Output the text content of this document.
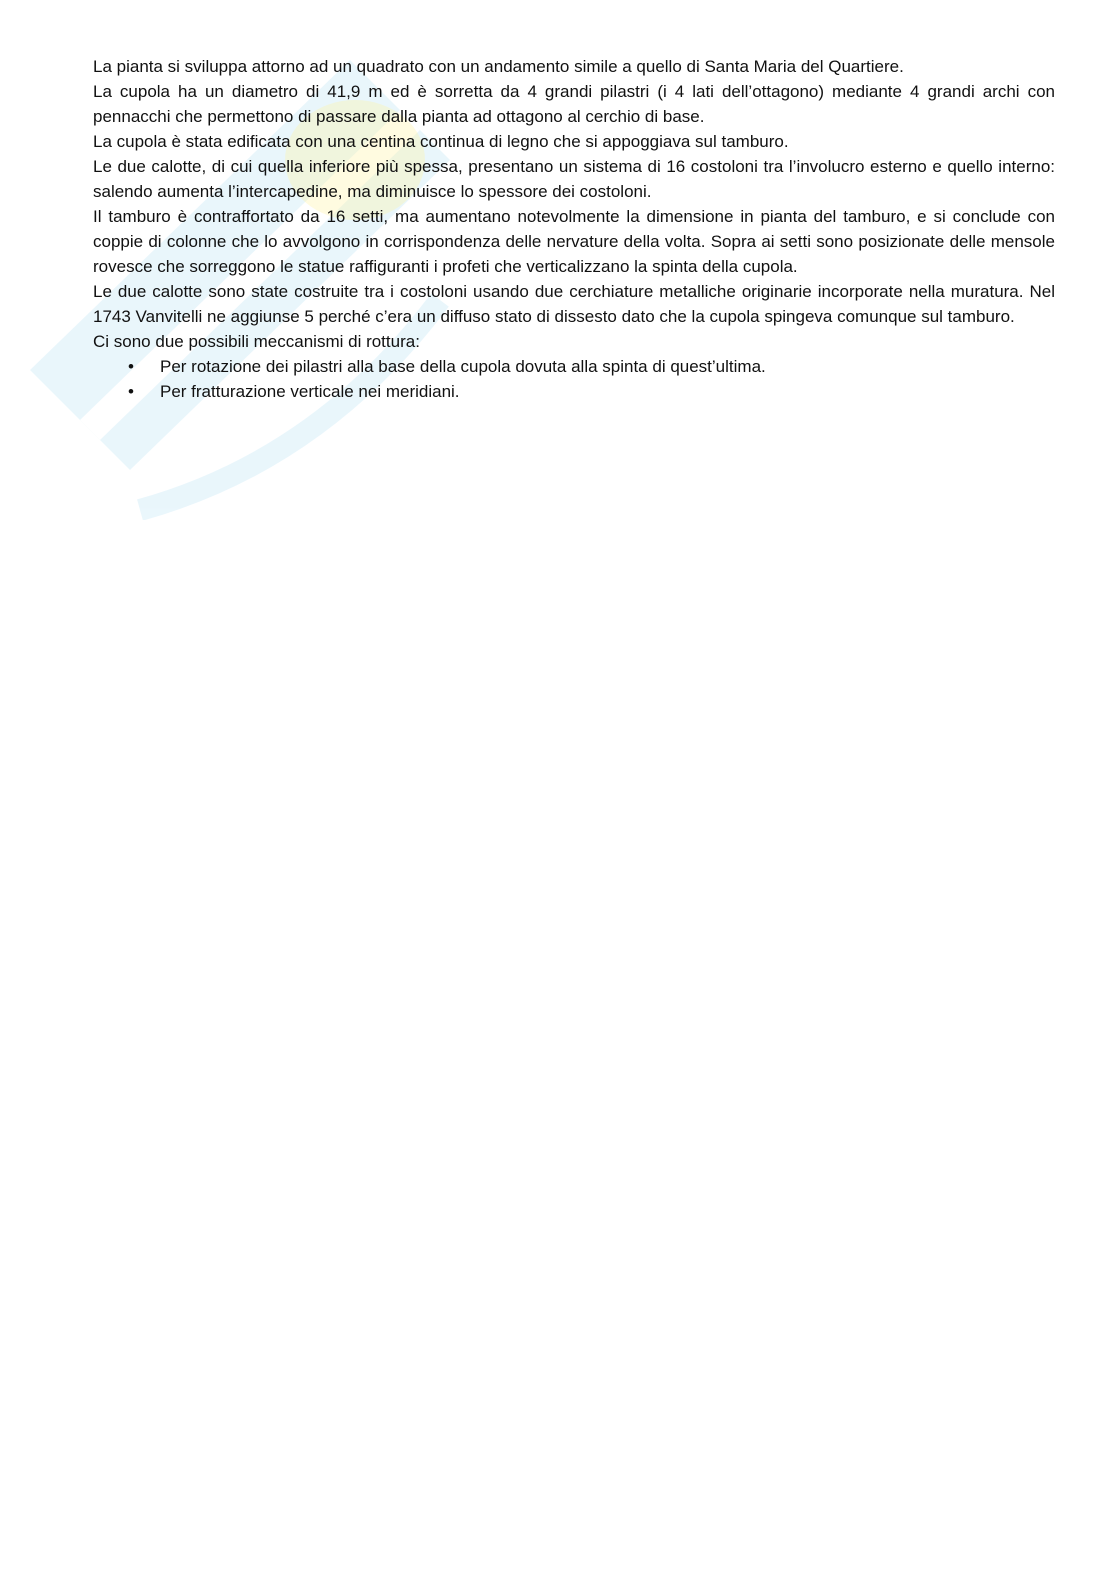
La pianta si sviluppa attorno ad un quadrato con un andamento simile a quello di Santa Maria del Quartiere.

La cupola ha un diametro di 41,9 m ed è sorretta da 4 grandi pilastri (i 4 lati dell’ottagono) mediante 4 grandi archi con pennacchi che permettono di passare dalla pianta ad ottagono al cerchio di base.

La cupola è stata edificata con una centina continua di legno che si appoggiava sul tamburo.

Le due calotte, di cui quella inferiore più spessa, presentano un sistema di 16 costoloni tra l’involucro esterno e quello interno: salendo aumenta l’intercapedine, ma diminuisce lo spessore dei costoloni.

Il tamburo è contraffortato da 16 setti, ma aumentano notevolmente la dimensione in pianta del tamburo, e si conclude con coppie di colonne che lo avvolgono in corrispondenza delle nervature della volta. Sopra ai setti sono posizionate delle mensole rovesce che sorreggono le statue raffiguranti i profeti che verticalizzano la spinta della cupola.

Le due calotte sono state costruite tra i costoloni usando due cerchiature metalliche originarie incorporate nella muratura. Nel 1743 Vanvitelli ne aggiunse 5 perché c’era un diffuso stato di dissesto dato che la cupola spingeva comunque sul tamburo.

Ci sono due possibili meccanismi di rottura:

• Per rotazione dei pilastri alla base della cupola dovuta alla spinta di quest’ultima.
• Per fratturazione verticale nei meridiani.
